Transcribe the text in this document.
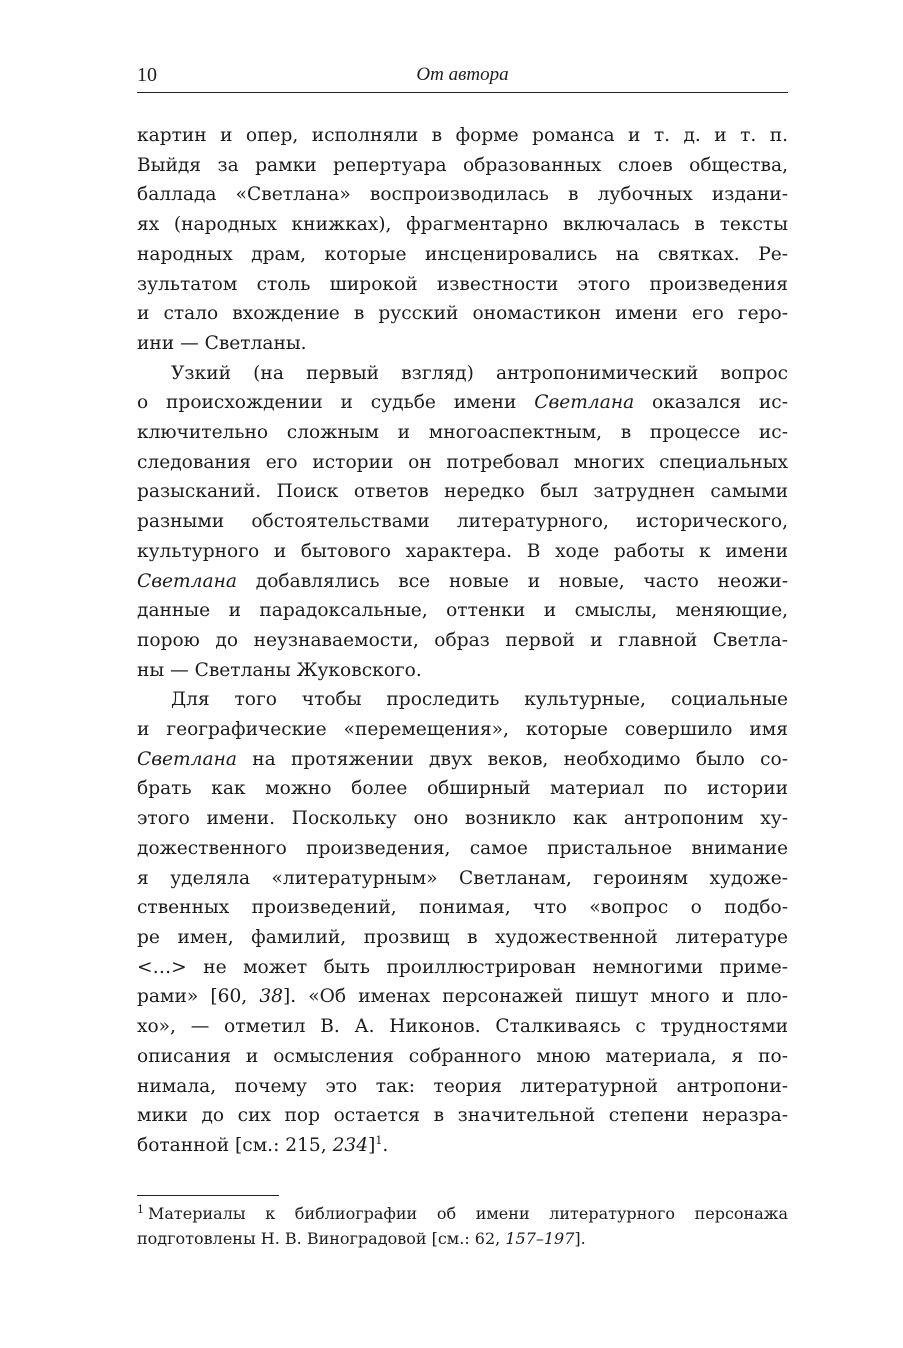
10	От автора
картин и опер, исполняли в форме романса и т. д. и т. п.
Выйдя за рамки репертуара образованных слоев общества,
баллада «Светлана» воспроизводилась в лубочных издани-
ях (народных книжках), фрагментарно включалась в тексты
народных драм, которые инсценировались на святках. Ре-
зультатом столь широкой известности этого произведения
и стало вхождение в русский ономастикон имени его геро-
ини — Светланы.
Узкий (на первый взгляд) антропонимический вопрос
о происхождении и судьбе имени Светлана оказался ис-
ключительно сложным и многоаспектным, в процессе ис-
следования его истории он потребовал многих специальных
разысканий. Поиск ответов нередко был затруднен самыми
разными обстоятельствами литературного, исторического,
культурного и бытового характера. В ходе работы к имени
Светлана добавлялись все новые и новые, часто неожи-
данные и парадоксальные, оттенки и смыслы, меняющие,
порою до неузнаваемости, образ первой и главной Светла-
ны — Светланы Жуковского.
Для того чтобы проследить культурные, социальные
и географические «перемещения», которые совершило имя
Светлана на протяжении двух веков, необходимо было со-
брать как можно более обширный материал по истории
этого имени. Поскольку оно возникло как антропоним ху-
дожественного произведения, самое пристальное внимание
я уделяла «литературным» Светланам, героиням художе-
ственных произведений, понимая, что «вопрос о подбо-
ре имен, фамилий, прозвищ в художественной литературе
<…> не может быть проиллюстрирован немногими приме-
рами» [60, 38]. «Об именах персонажей пишут много и пло-
хо», — отметил В. А. Никонов. Сталкиваясь с трудностями
описания и осмысления собранного мною материала, я по-
нимала, почему это так: теория литературной антропони-
мики до сих пор остается в значительной степени неразра-
ботанной [см.: 215, 234]$^1$.
$^1$ Материалы к библиографии об имени литературного персонажа
подготовлены Н. В. Виноградовой [см.: 62, 157–197].
